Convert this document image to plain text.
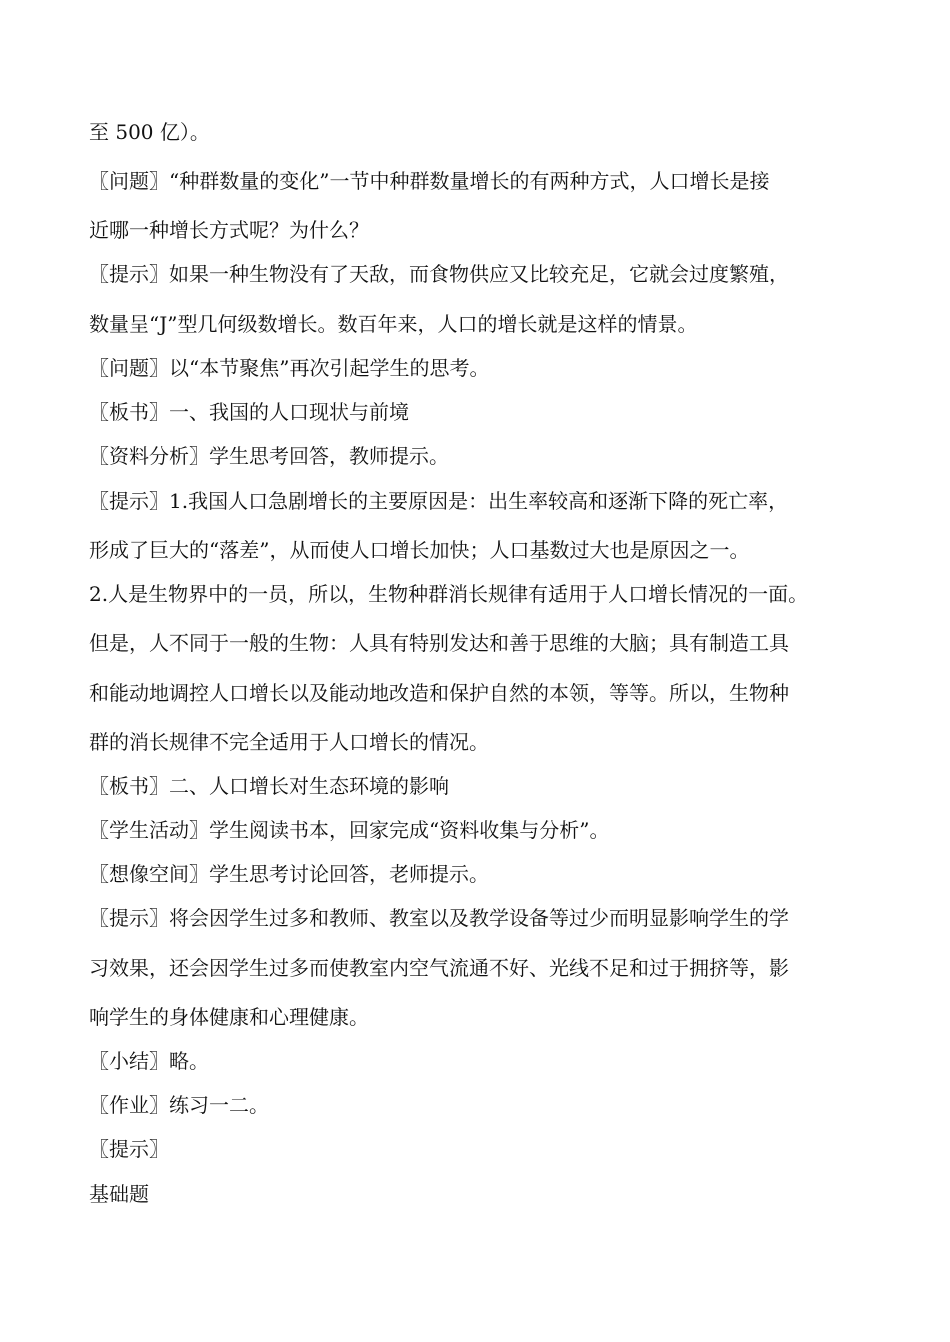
至 500 亿）。
〖问题〗“种群数量的变化”一节中种群数量增长的有两种方式，人口增长是接
近哪一种增长方式呢？为什么？
〖提示〗如果一种生物没有了天敌，而食物供应又比较充足，它就会过度繁殖，
数量呈“J”型几何级数增长。数百年来，人口的增长就是这样的情景。
〖问题〗以“本节聚焦”再次引起学生的思考。
〖板书〗一、我国的人口现状与前境
〖资料分析〗学生思考回答，教师提示。
〖提示〗1.我国人口急剧增长的主要原因是：出生率较高和逐渐下降的死亡率，
形成了巨大的“落差”，从而使人口增长加快；人口基数过大也是原因之一。
2.人是生物界中的一员，所以，生物种群消长规律有适用于人口增长情况的一面。
但是，人不同于一般的生物：人具有特别发达和善于思维的大脑；具有制造工具
和能动地调控人口增长以及能动地改造和保护自然的本领，等等。所以，生物种
群的消长规律不完全适用于人口增长的情况。
〖板书〗二、人口增长对生态环境的影响
〖学生活动〗学生阅读书本，回家完成“资料收集与分析”。
〖想像空间〗学生思考讨论回答，老师提示。
〖提示〗将会因学生过多和教师、教室以及教学设备等过少而明显影响学生的学
习效果，还会因学生过多而使教室内空气流通不好、光线不足和过于拥挤等，影
响学生的身体健康和心理健康。
〖小结〗略。
〖作业〗练习一二。
〖提示〗
基础题
